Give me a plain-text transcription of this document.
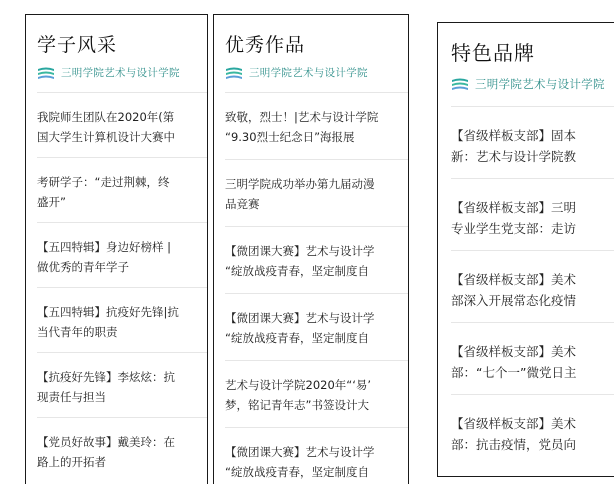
学子风采
三明学院艺术与设计学院
我院师生团队在2020年(第
国大学生计算机设计大赛中
考研学子：“走过荆棘，终
盛开”
【五四特辑】身边好榜样 |
做优秀的青年学子
【五四特辑】抗疫好先锋|抗
当代青年的职责
【抗疫好先锋】李炫炫：抗
现责任与担当
【党员好故事】戴美玲：在
路上的开拓者
优秀作品
三明学院艺术与设计学院
致敬，烈士！|艺术与设计学院
“9.30烈士纪念日”海报展
三明学院成功举办第九届动漫
品竞赛
【微团课大赛】艺术与设计学
“绽放战疫青春，坚定制度自
【微团课大赛】艺术与设计学
“绽放战疫青春，坚定制度自
艺术与设计学院2020年“‘易’
梦，铭记青年志”书签设计大
【微团课大赛】艺术与设计学
“绽放战疫青春，坚定制度自
特色品牌
三明学院艺术与设计学院
【省级样板支部】固本
新：艺术与设计学院教
【省级样板支部】三明
专业学生党支部：走访
【省级样板支部】美术
部深入开展常态化疫情
【省级样板支部】美术
部：“七个一”微党日主
【省级样板支部】美术
部：抗击疫情，党员向
